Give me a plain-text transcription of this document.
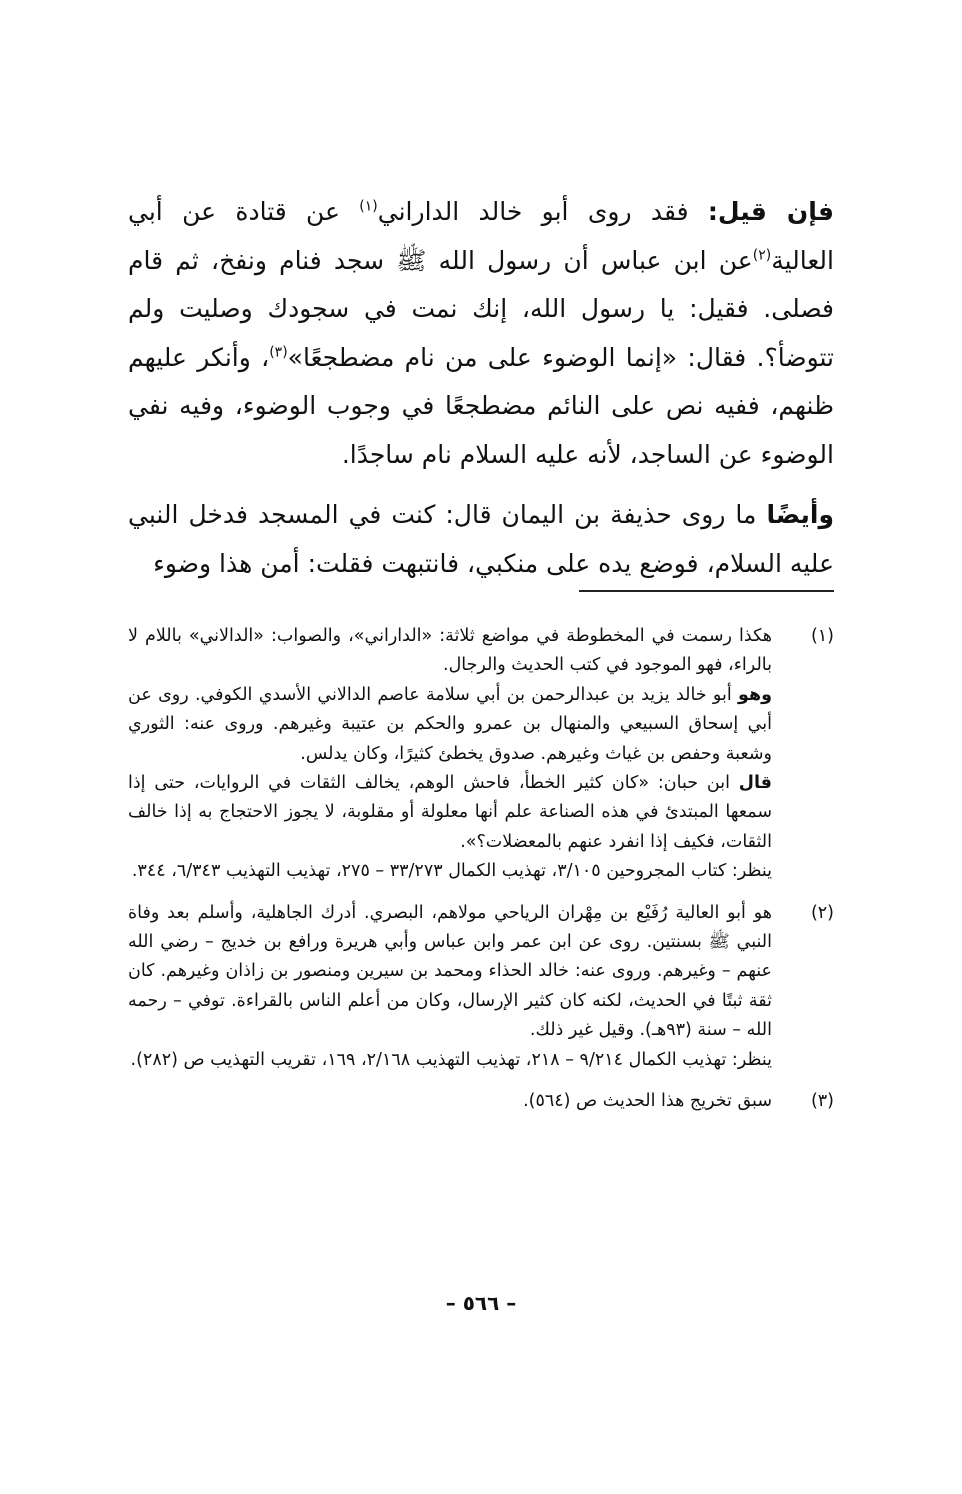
فإن قيل: فقد روى أبو خالد الداراني$^{(١)}$ عن قتادة عن أبي العالية$^{(٢)}$عن ابن عباس أن رسول الله ﷺ سجد فنام ونفخ، ثم قام فصلى. فقيل: يا رسول الله، إنك نمت في سجودك وصليت ولم تتوضأ؟. فقال: «إنما الوضوء على من نام مضطجعًا»$^{(٣)}$، وأنكر عليهم ظنهم، ففيه نص على النائم مضطجعًا في وجوب الوضوء، وفيه نفي الوضوء عن الساجد، لأنه عليه السلام نام ساجدًا.

وأيضًا ما روى حذيفة بن اليمان قال: كنت في المسجد فدخل النبي عليه السلام، فوضع يده على منكبي، فانتبهت فقلت: أمن هذا وضوء

(١)

هكذا رسمت في المخطوطة في مواضع ثلاثة: «الداراني»، والصواب: «الدالاني» باللام لا بالراء، فهو الموجود في كتب الحديث والرجال.

وهو أبو خالد يزيد بن عبدالرحمن بن أبي سلامة عاصم الدالاني الأسدي الكوفي. روى عن أبي إسحاق السبيعي والمنهال بن عمرو والحكم بن عتيبة وغيرهم. وروى عنه: الثوري وشعبة وحفص بن غياث وغيرهم. صدوق يخطئ كثيرًا، وكان يدلس.

قال ابن حبان: «كان كثير الخطأ، فاحش الوهم، يخالف الثقات في الروايات، حتى إذا سمعها المبتدئ في هذه الصناعة علم أنها معلولة أو مقلوبة، لا يجوز الاحتجاج به إذا خالف الثقات، فكيف إذا انفرد عنهم بالمعضلات؟».

ينظر: كتاب المجروحين ٣/١٠٥، تهذيب الكمال ٣٣/٢٧٣ – ٢٧٥، تهذيب التهذيب ٦/٣٤٣، ٣٤٤.

(٢)

هو أبو العالية رُفَيْع بن مِهْران الرياحي مولاهم، البصري. أدرك الجاهلية، وأسلم بعد وفاة النبي ﷺ بسنتين. روى عن ابن عمر وابن عباس وأبي هريرة ورافع بن خديج – رضي الله عنهم – وغيرهم. وروى عنه: خالد الحذاء ومحمد بن سيرين ومنصور بن زاذان وغيرهم. كان ثقة ثبتًا في الحديث، لكنه كان كثير الإرسال، وكان من أعلم الناس بالقراءة. توفي – رحمه الله – سنة (٩٣هـ). وقيل غير ذلك.

ينظر: تهذيب الكمال ٩/٢١٤ – ٢١٨، تهذيب التهذيب ٢/١٦٨، ١٦٩، تقريب التهذيب ص (٢٨٢).

(٣)

سبق تخريج هذا الحديث ص (٥٦٤).

– ٥٦٦ –
